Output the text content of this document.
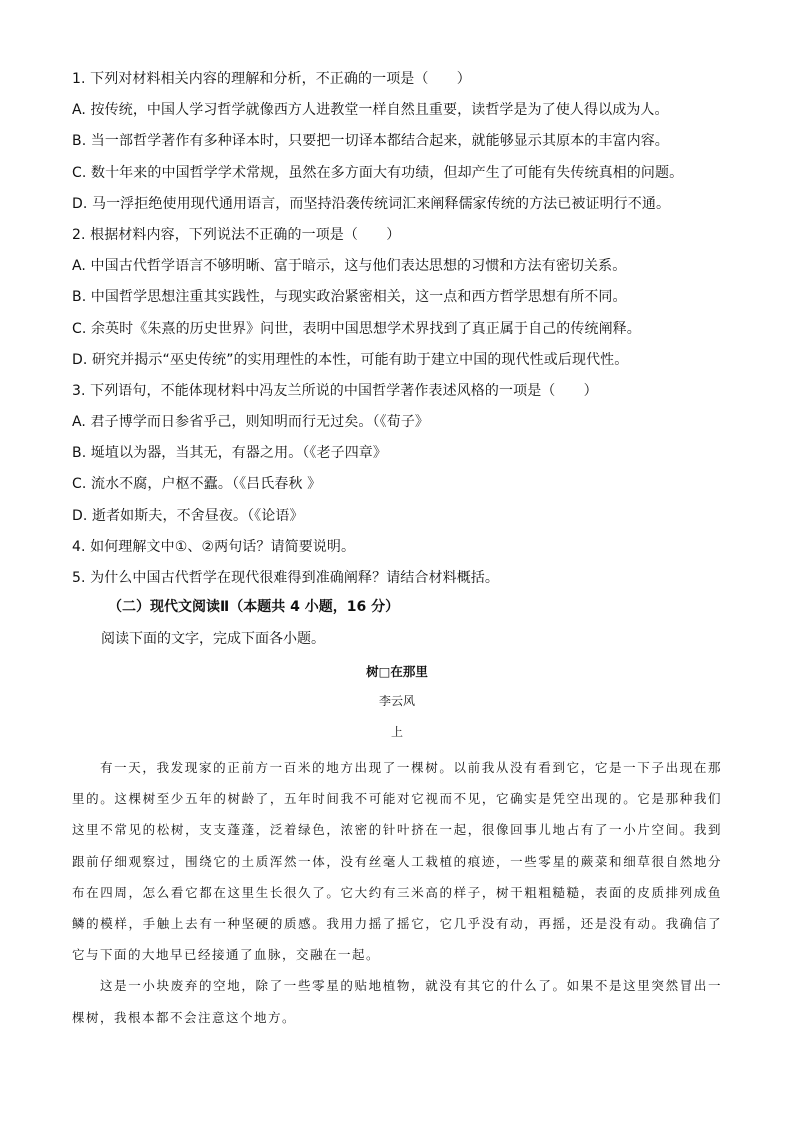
1. 下列对材料相关内容的理解和分析，不正确的一项是（　　）
A. 按传统，中国人学习哲学就像西方人进教堂一样自然且重要，读哲学是为了使人得以成为人。
B. 当一部哲学著作有多种译本时，只要把一切译本都结合起来，就能够显示其原本的丰富内容。
C. 数十年来的中国哲学学术常规，虽然在多方面大有功绩，但却产生了可能有失传统真相的问题。
D. 马一浮拒绝使用现代通用语言，而坚持沿袭传统词汇来阐释儒家传统的方法已被证明行不通。
2. 根据材料内容，下列说法不正确的一项是（　　）
A. 中国古代哲学语言不够明晰、富于暗示，这与他们表达思想的习惯和方法有密切关系。
B. 中国哲学思想注重其实践性，与现实政治紧密相关，这一点和西方哲学思想有所不同。
C. 余英时《朱熹的历史世界》问世，表明中国思想学术界找到了真正属于自己的传统阐释。
D. 研究并揭示“巫史传统”的实用理性的本性，可能有助于建立中国的现代性或后现代性。
3. 下列语句，不能体现材料中冯友兰所说的中国哲学著作表述风格的一项是（　　）
A. 君子博学而日参省乎己，则知明而行无过矣。（《荀子》
B. 埏埴以为器，当其无，有器之用。（《老子四章》
C. 流水不腐，户枢不蠹。（《吕氏春秋 》
D. 逝者如斯夫，不舍昼夜。（《论语》
4. 如何理解文中①、②两句话？请简要说明。
5. 为什么中国古代哲学在现代很难得到准确阐释？请结合材料概括。
（二）现代文阅读Ⅱ（本题共 4 小题，16 分）
阅读下面的文字，完成下面各小题。
树□在那里
李云风
上

有一天，我发现家的正前方一百米的地方出现了一棵树。以前我从没有看到它，它是一下子出现在那里的。这棵树至少五年的树龄了，五年时间我不可能对它视而不见，它确实是凭空出现的。它是那种我们这里不常见的松树，支支蓬蓬，泛着绿色，浓密的针叶挤在一起，很像回事儿地占有了一小片空间。我到跟前仔细观察过，围绕它的土质浑然一体，没有丝毫人工栽植的痕迹，一些零星的蕨菜和细草很自然地分布在四周，怎么看它都在这里生长很久了。它大约有三米高的样子，树干粗粗糙糙，表面的皮质排列成鱼鳞的模样，手触上去有一种坚硬的质感。我用力摇了摇它，它几乎没有动，再摇，还是没有动。我确信了它与下面的大地早已经接通了血脉，交融在一起。

这是一小块废弃的空地，除了一些零星的贴地植物，就没有其它的什么了。如果不是这里突然冒出一棵树，我根本都不会注意这个地方。
